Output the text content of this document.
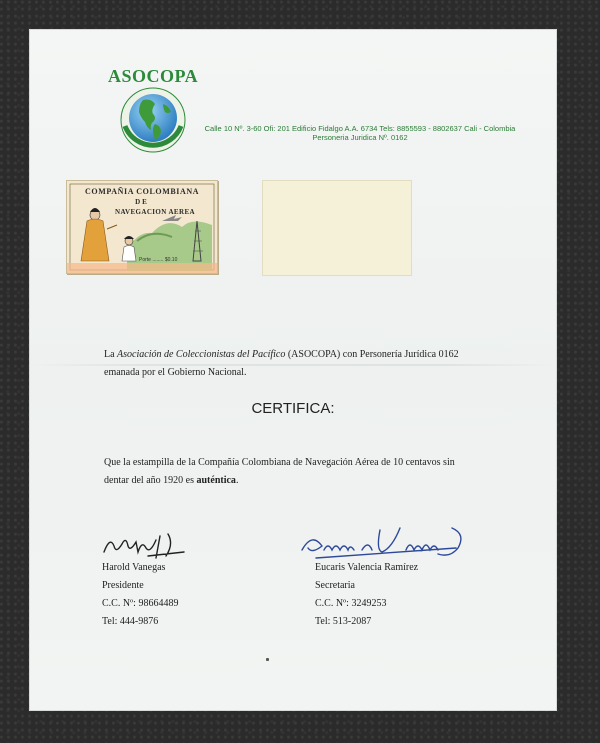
ASOCOPA
Calle 10 Nº. 3-60 Ofi: 201 Edificio Fidalgo A.A. 6734 Tels: 8855593 - 8802637 Cali - Colombia
Personeria Juridica Nº. 0162
COMPAÑIA COLOMBIANA
DE
NAVEGACION AEREA
Porte ........ $0.10
La Asociación de Coleccionistas del Pacífico (ASOCOPA) con Personería Jurídica 0162
emanada por el Gobierno Nacional.
CERTIFICA:
Que la estampilla de la Compañía Colombiana de Navegación Aérea de 10 centavos sin
dentar del año 1920 es auténtica.
Harold Vanegas
Presidente
C.C. Nº: 98664489
Tel: 444-9876
Eucaris Valencia Ramírez
Secretaria
C.C. Nº: 3249253
Tel: 513-2087
